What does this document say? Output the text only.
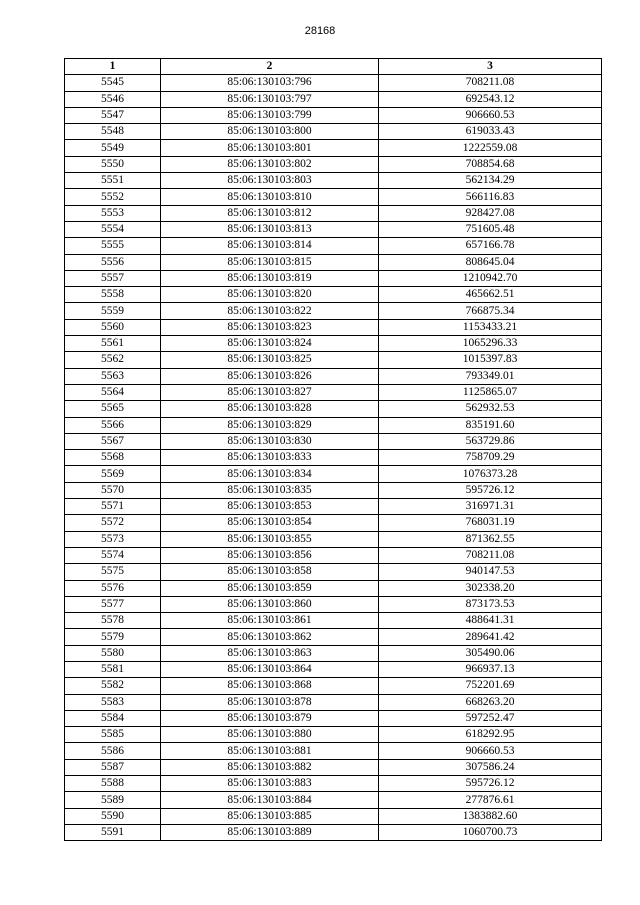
28168
1	2	3
5545	85:06:130103:796	708211.08
5546	85:06:130103:797	692543.12
5547	85:06:130103:799	906660.53
5548	85:06:130103:800	619033.43
5549	85:06:130103:801	1222559.08
5550	85:06:130103:802	708854.68
5551	85:06:130103:803	562134.29
5552	85:06:130103:810	566116.83
5553	85:06:130103:812	928427.08
5554	85:06:130103:813	751605.48
5555	85:06:130103:814	657166.78
5556	85:06:130103:815	808645.04
5557	85:06:130103:819	1210942.70
5558	85:06:130103:820	465662.51
5559	85:06:130103:822	766875.34
5560	85:06:130103:823	1153433.21
5561	85:06:130103:824	1065296.33
5562	85:06:130103:825	1015397.83
5563	85:06:130103:826	793349.01
5564	85:06:130103:827	1125865.07
5565	85:06:130103:828	562932.53
5566	85:06:130103:829	835191.60
5567	85:06:130103:830	563729.86
5568	85:06:130103:833	758709.29
5569	85:06:130103:834	1076373.28
5570	85:06:130103:835	595726.12
5571	85:06:130103:853	316971.31
5572	85:06:130103:854	768031.19
5573	85:06:130103:855	871362.55
5574	85:06:130103:856	708211.08
5575	85:06:130103:858	940147.53
5576	85:06:130103:859	302338.20
5577	85:06:130103:860	873173.53
5578	85:06:130103:861	488641.31
5579	85:06:130103:862	289641.42
5580	85:06:130103:863	305490.06
5581	85:06:130103:864	966937.13
5582	85:06:130103:868	752201.69
5583	85:06:130103:878	668263.20
5584	85:06:130103:879	597252.47
5585	85:06:130103:880	618292.95
5586	85:06:130103:881	906660.53
5587	85:06:130103:882	307586.24
5588	85:06:130103:883	595726.12
5589	85:06:130103:884	277876.61
5590	85:06:130103:885	1383882.60
5591	85:06:130103:889	1060700.73
